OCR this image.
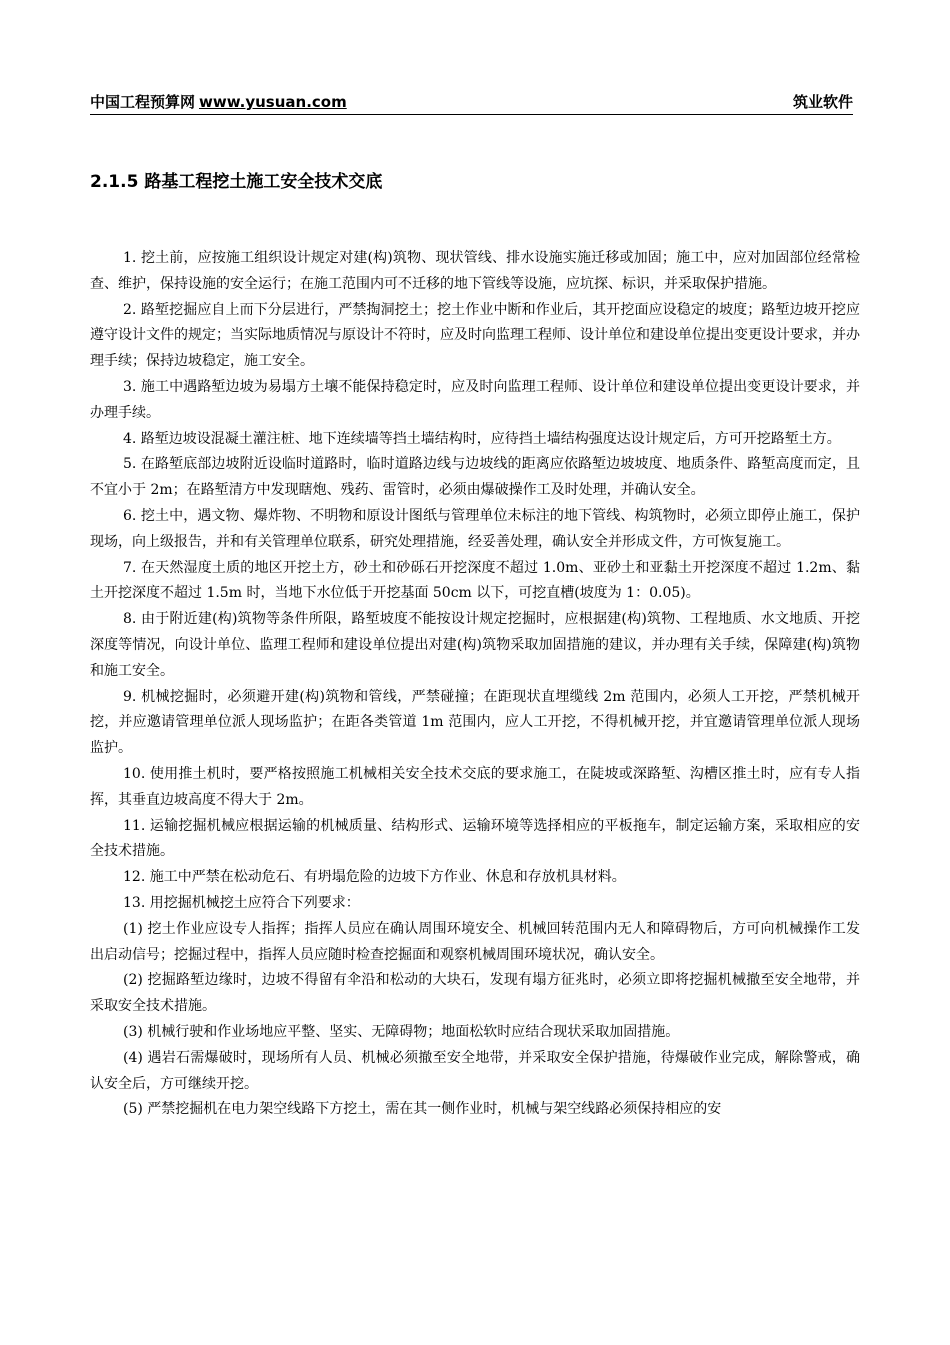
中国工程预算网 www.yusuan.com	筑业软件
2.1.5 路基工程挖土施工安全技术交底

1. 挖土前，应按施工组织设计规定对建(构)筑物、现状管线、排水设施实施迁移或加固；施工中，应对加固部位经常检查、维护，保持设施的安全运行；在施工范围内可不迁移的地下管线等设施，应坑探、标识，并采取保护措施。

2. 路堑挖掘应自上而下分层进行，严禁掏洞挖土；挖土作业中断和作业后，其开挖面应设稳定的坡度；路堑边坡开挖应遵守设计文件的规定；当实际地质情况与原设计不符时，应及时向监理工程师、设计单位和建设单位提出变更设计要求，并办理手续；保持边坡稳定，施工安全。

3. 施工中遇路堑边坡为易塌方土壤不能保持稳定时，应及时向监理工程师、设计单位和建设单位提出变更设计要求，并办理手续。

4. 路堑边坡设混凝土灌注桩、地下连续墙等挡土墙结构时，应待挡土墙结构强度达设计规定后，方可开挖路堑土方。

5. 在路堑底部边坡附近设临时道路时，临时道路边线与边坡线的距离应依路堑边坡坡度、地质条件、路堑高度而定，且不宜小于 2m；在路堑清方中发现瞎炮、残药、雷管时，必须由爆破操作工及时处理，并确认安全。

6. 挖土中，遇文物、爆炸物、不明物和原设计图纸与管理单位未标注的地下管线、构筑物时，必须立即停止施工，保护现场，向上级报告，并和有关管理单位联系，研究处理措施，经妥善处理，确认安全并形成文件，方可恢复施工。

7. 在天然湿度土质的地区开挖土方，砂土和砂砾石开挖深度不超过 1.0m、亚砂土和亚黏土开挖深度不超过 1.2m、黏土开挖深度不超过 1.5m 时，当地下水位低于开挖基面 50cm 以下，可挖直槽(坡度为 1：0.05)。

8. 由于附近建(构)筑物等条件所限，路堑坡度不能按设计规定挖掘时，应根据建(构)筑物、工程地质、水文地质、开挖深度等情况，向设计单位、监理工程师和建设单位提出对建(构)筑物采取加固措施的建议，并办理有关手续，保障建(构)筑物和施工安全。

9. 机械挖掘时，必须避开建(构)筑物和管线，严禁碰撞；在距现状直埋缆线 2m 范围内，必须人工开挖，严禁机械开挖，并应邀请管理单位派人现场监护；在距各类管道 1m 范围内，应人工开挖，不得机械开挖，并宜邀请管理单位派人现场监护。

10. 使用推土机时，要严格按照施工机械相关安全技术交底的要求施工，在陡坡或深路堑、沟槽区推土时，应有专人指挥，其垂直边坡高度不得大于 2m。

11. 运输挖掘机械应根据运输的机械质量、结构形式、运输环境等选择相应的平板拖车，制定运输方案，采取相应的安全技术措施。

12. 施工中严禁在松动危石、有坍塌危险的边坡下方作业、休息和存放机具材料。

13. 用挖掘机械挖土应符合下列要求：

(1) 挖土作业应设专人指挥；指挥人员应在确认周围环境安全、机械回转范围内无人和障碍物后，方可向机械操作工发出启动信号；挖掘过程中，指挥人员应随时检查挖掘面和观察机械周围环境状况，确认安全。

(2) 挖掘路堑边缘时，边坡不得留有伞沿和松动的大块石，发现有塌方征兆时，必须立即将挖掘机械撤至安全地带，并采取安全技术措施。

(3) 机械行驶和作业场地应平整、坚实、无障碍物；地面松软时应结合现状采取加固措施。

(4) 遇岩石需爆破时，现场所有人员、机械必须撤至安全地带，并采取安全保护措施，待爆破作业完成，解除警戒，确认安全后，方可继续开挖。

(5) 严禁挖掘机在电力架空线路下方挖土，需在其一侧作业时，机械与架空线路必须保持相应的安
